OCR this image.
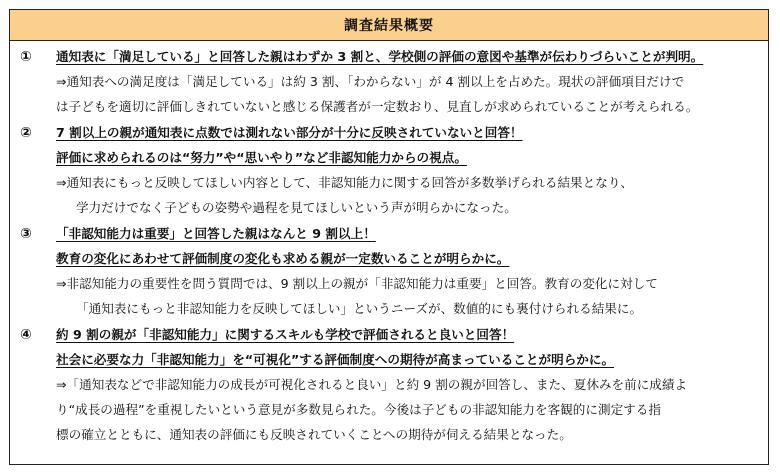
調査結果概要
① 通知表に「満足している」と回答した親はわずか 3 割と、学校側の評価の意図や基準が伝わりづらいことが判明。
⇒通知表への満足度は「満足している」は約 3 割、「わからない」が 4 割以上を占めた。現状の評価項目だけで
は子どもを適切に評価しきれていないと感じる保護者が一定数おり、見直しが求められていることが考えられる。
② 7 割以上の親が通知表に点数では測れない部分が十分に反映されていないと回答！
評価に求められるのは“努力”や“思いやり”など非認知能力からの視点。
⇒通知表にもっと反映してほしい内容として、非認知能力に関する回答が多数挙げられる結果となり、
学力だけでなく子どもの姿勢や過程を見てほしいという声が明らかになった。
③ 「非認知能力は重要」と回答した親はなんと 9 割以上！
教育の変化にあわせて評価制度の変化も求める親が一定数いることが明らかに。
⇒非認知能力の重要性を問う質問では、9 割以上の親が「非認知能力は重要」と回答。教育の変化に対して
「通知表にもっと非認知能力を反映してほしい」というニーズが、数値的にも裏付けられる結果に。
④ 約 9 割の親が「非認知能力」に関するスキルも学校で評価されると良いと回答！
社会に必要な力「非認知能力」を“可視化”する評価制度への期待が高まっていることが明らかに。
⇒「通知表などで非認知能力の成長が可視化されると良い」と約 9 割の親が回答し、また、夏休みを前に成績よ
り“成長の過程”を重視したいという意見が多数見られた。今後は子どもの非認知能力を客観的に測定する指
標の確立とともに、通知表の評価にも反映されていくことへの期待が伺える結果となった。
